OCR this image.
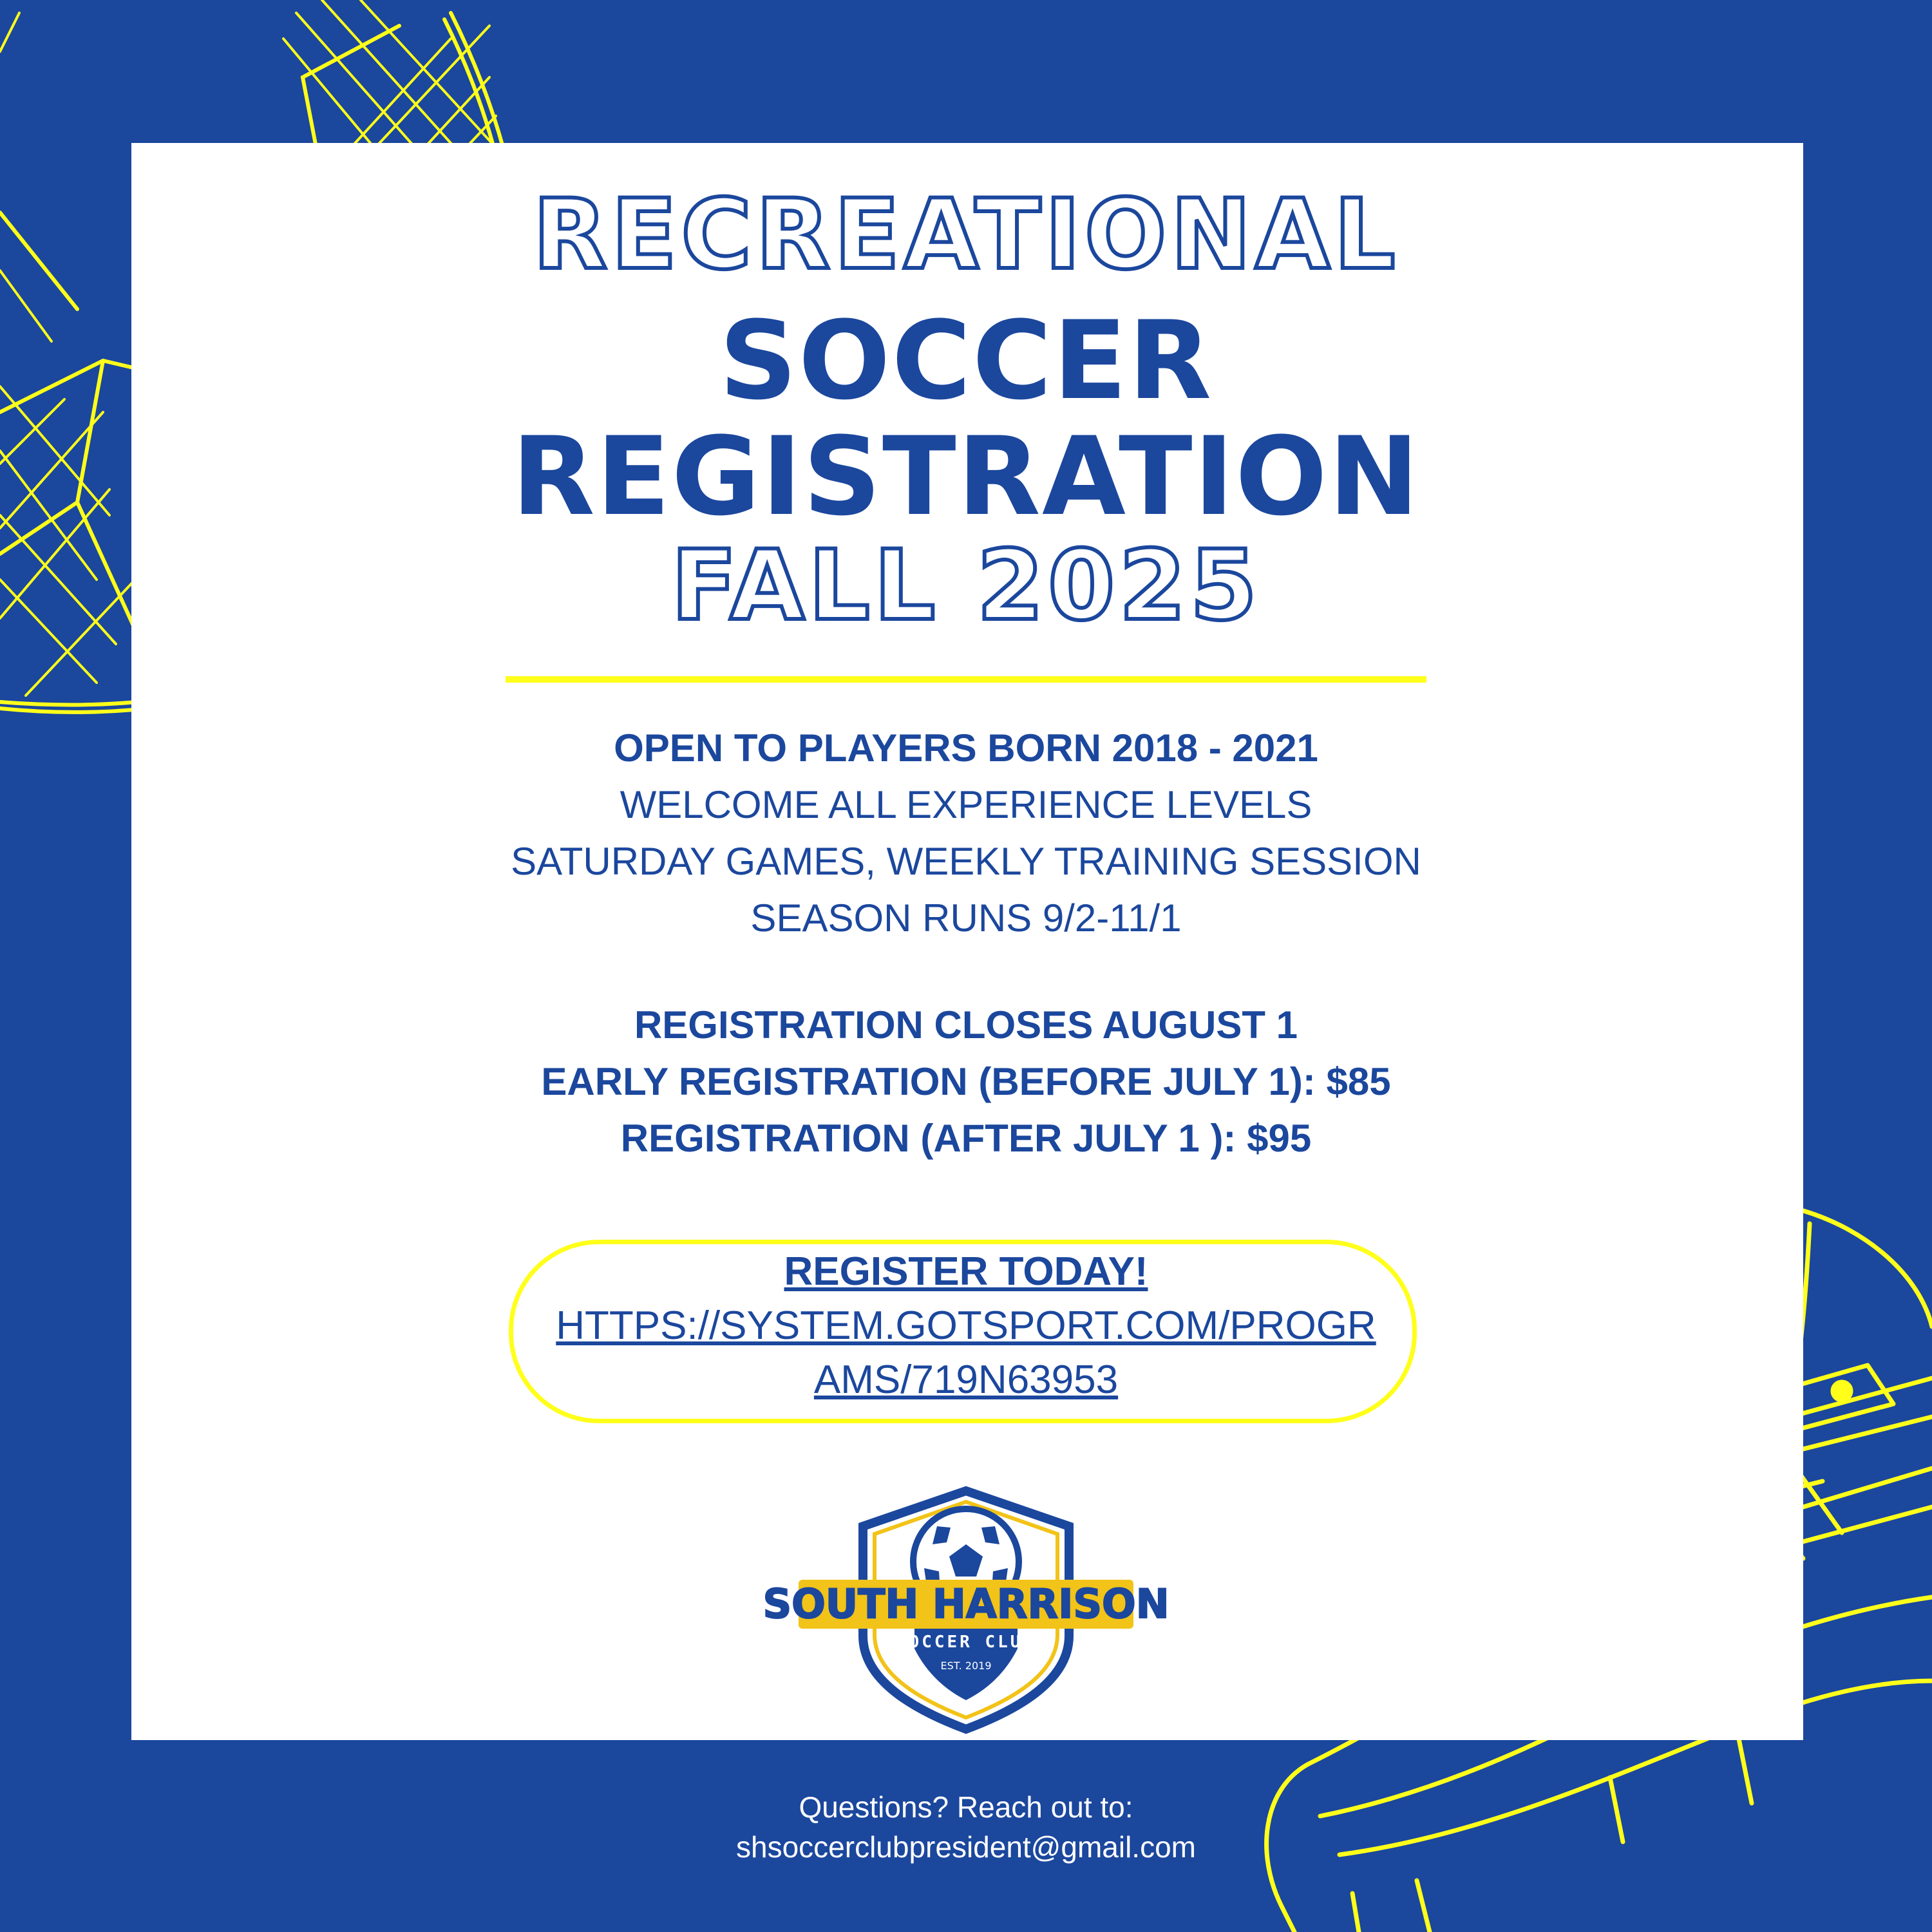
RECREATIONAL
SOCCER
REGISTRATION
FALL 2025
OPEN TO PLAYERS BORN 2018 - 2021
WELCOME ALL EXPERIENCE LEVELS
SATURDAY GAMES, WEEKLY TRAINING SESSION
SEASON RUNS 9/2-11/1
REGISTRATION CLOSES AUGUST 1
EARLY REGISTRATION (BEFORE JULY 1): $85
REGISTRATION (AFTER JULY 1 ): $95
REGISTER TODAY!
HTTPS://SYSTEM.GOTSPORT.COM/PROGRAMS/719N63953
SOUTH HARRISON
SOCCER CLUB
EST. 2019
Questions? Reach out to:
shsoccerclubpresident@gmail.com
